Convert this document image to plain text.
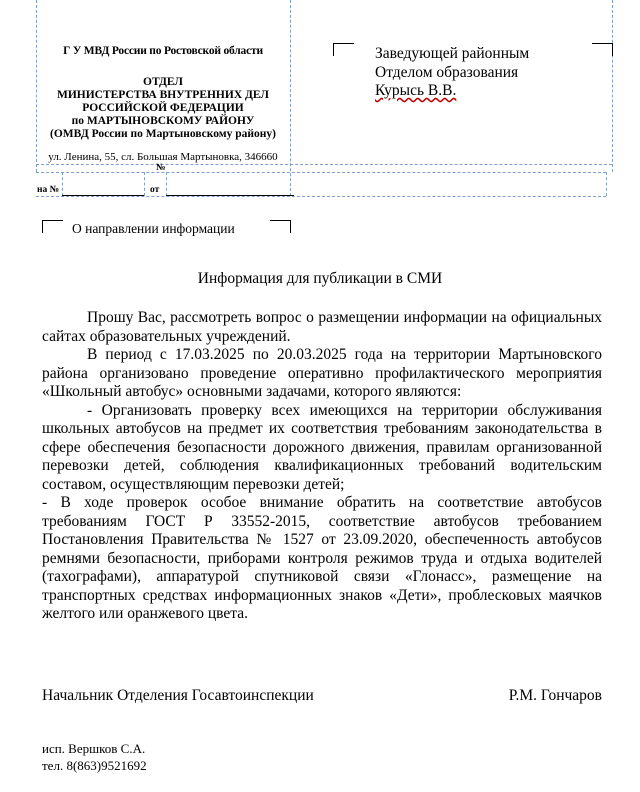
Г У МВД России по Ростовской области
ОТДЕЛ
МИНИСТЕРСТВА ВНУТРЕННИХ ДЕЛ
РОССИЙСКОЙ ФЕДЕРАЦИИ
по МАРТЫНОВСКОМУ РАЙОНУ
(ОМВД России по Мартыновскому району)
ул. Ленина, 55, сл. Большая Мартыновка, 346660
№
на №	от
Заведующей районным
Отделом образования
Курысь В.В.
О направлении информации
Информация для публикации в СМИ

Прошу Вас, рассмотреть вопрос о размещении информации на официальных сайтах образовательных учреждений.

В период с 17.03.2025 по 20.03.2025 года на территории Мартыновского района организовано проведение оперативно профилактического мероприятия «Школьный автобус» основными задачами, которого являются:

- Организовать проверку всех имеющихся на территории обслуживания школьных автобусов на предмет их соответствия требованиям законодательства в сфере обеспечения безопасности дорожного движения, правилам организованной перевозки детей, соблюдения квалификационных требований водительским составом, осуществляющим перевозки детей;

- В ходе проверок особое внимание обратить на соответствие автобусов требованиям ГОСТ Р 33552-2015, соответствие автобусов требованием Постановления Правительства № 1527 от 23.09.2020, обеспеченность автобусов ремнями безопасности, приборами контроля режимов труда и отдыха водителей (тахографами), аппаратурой спутниковой связи «Глонасс», размещение на транспортных средствах информационных знаков «Дети», проблесковых маячков желтого или оранжевого цвета.

Начальник Отделения Госавтоинспекции	Р.М. Гончаров
исп. Вершков С.А.
тел. 8(863)9521692
